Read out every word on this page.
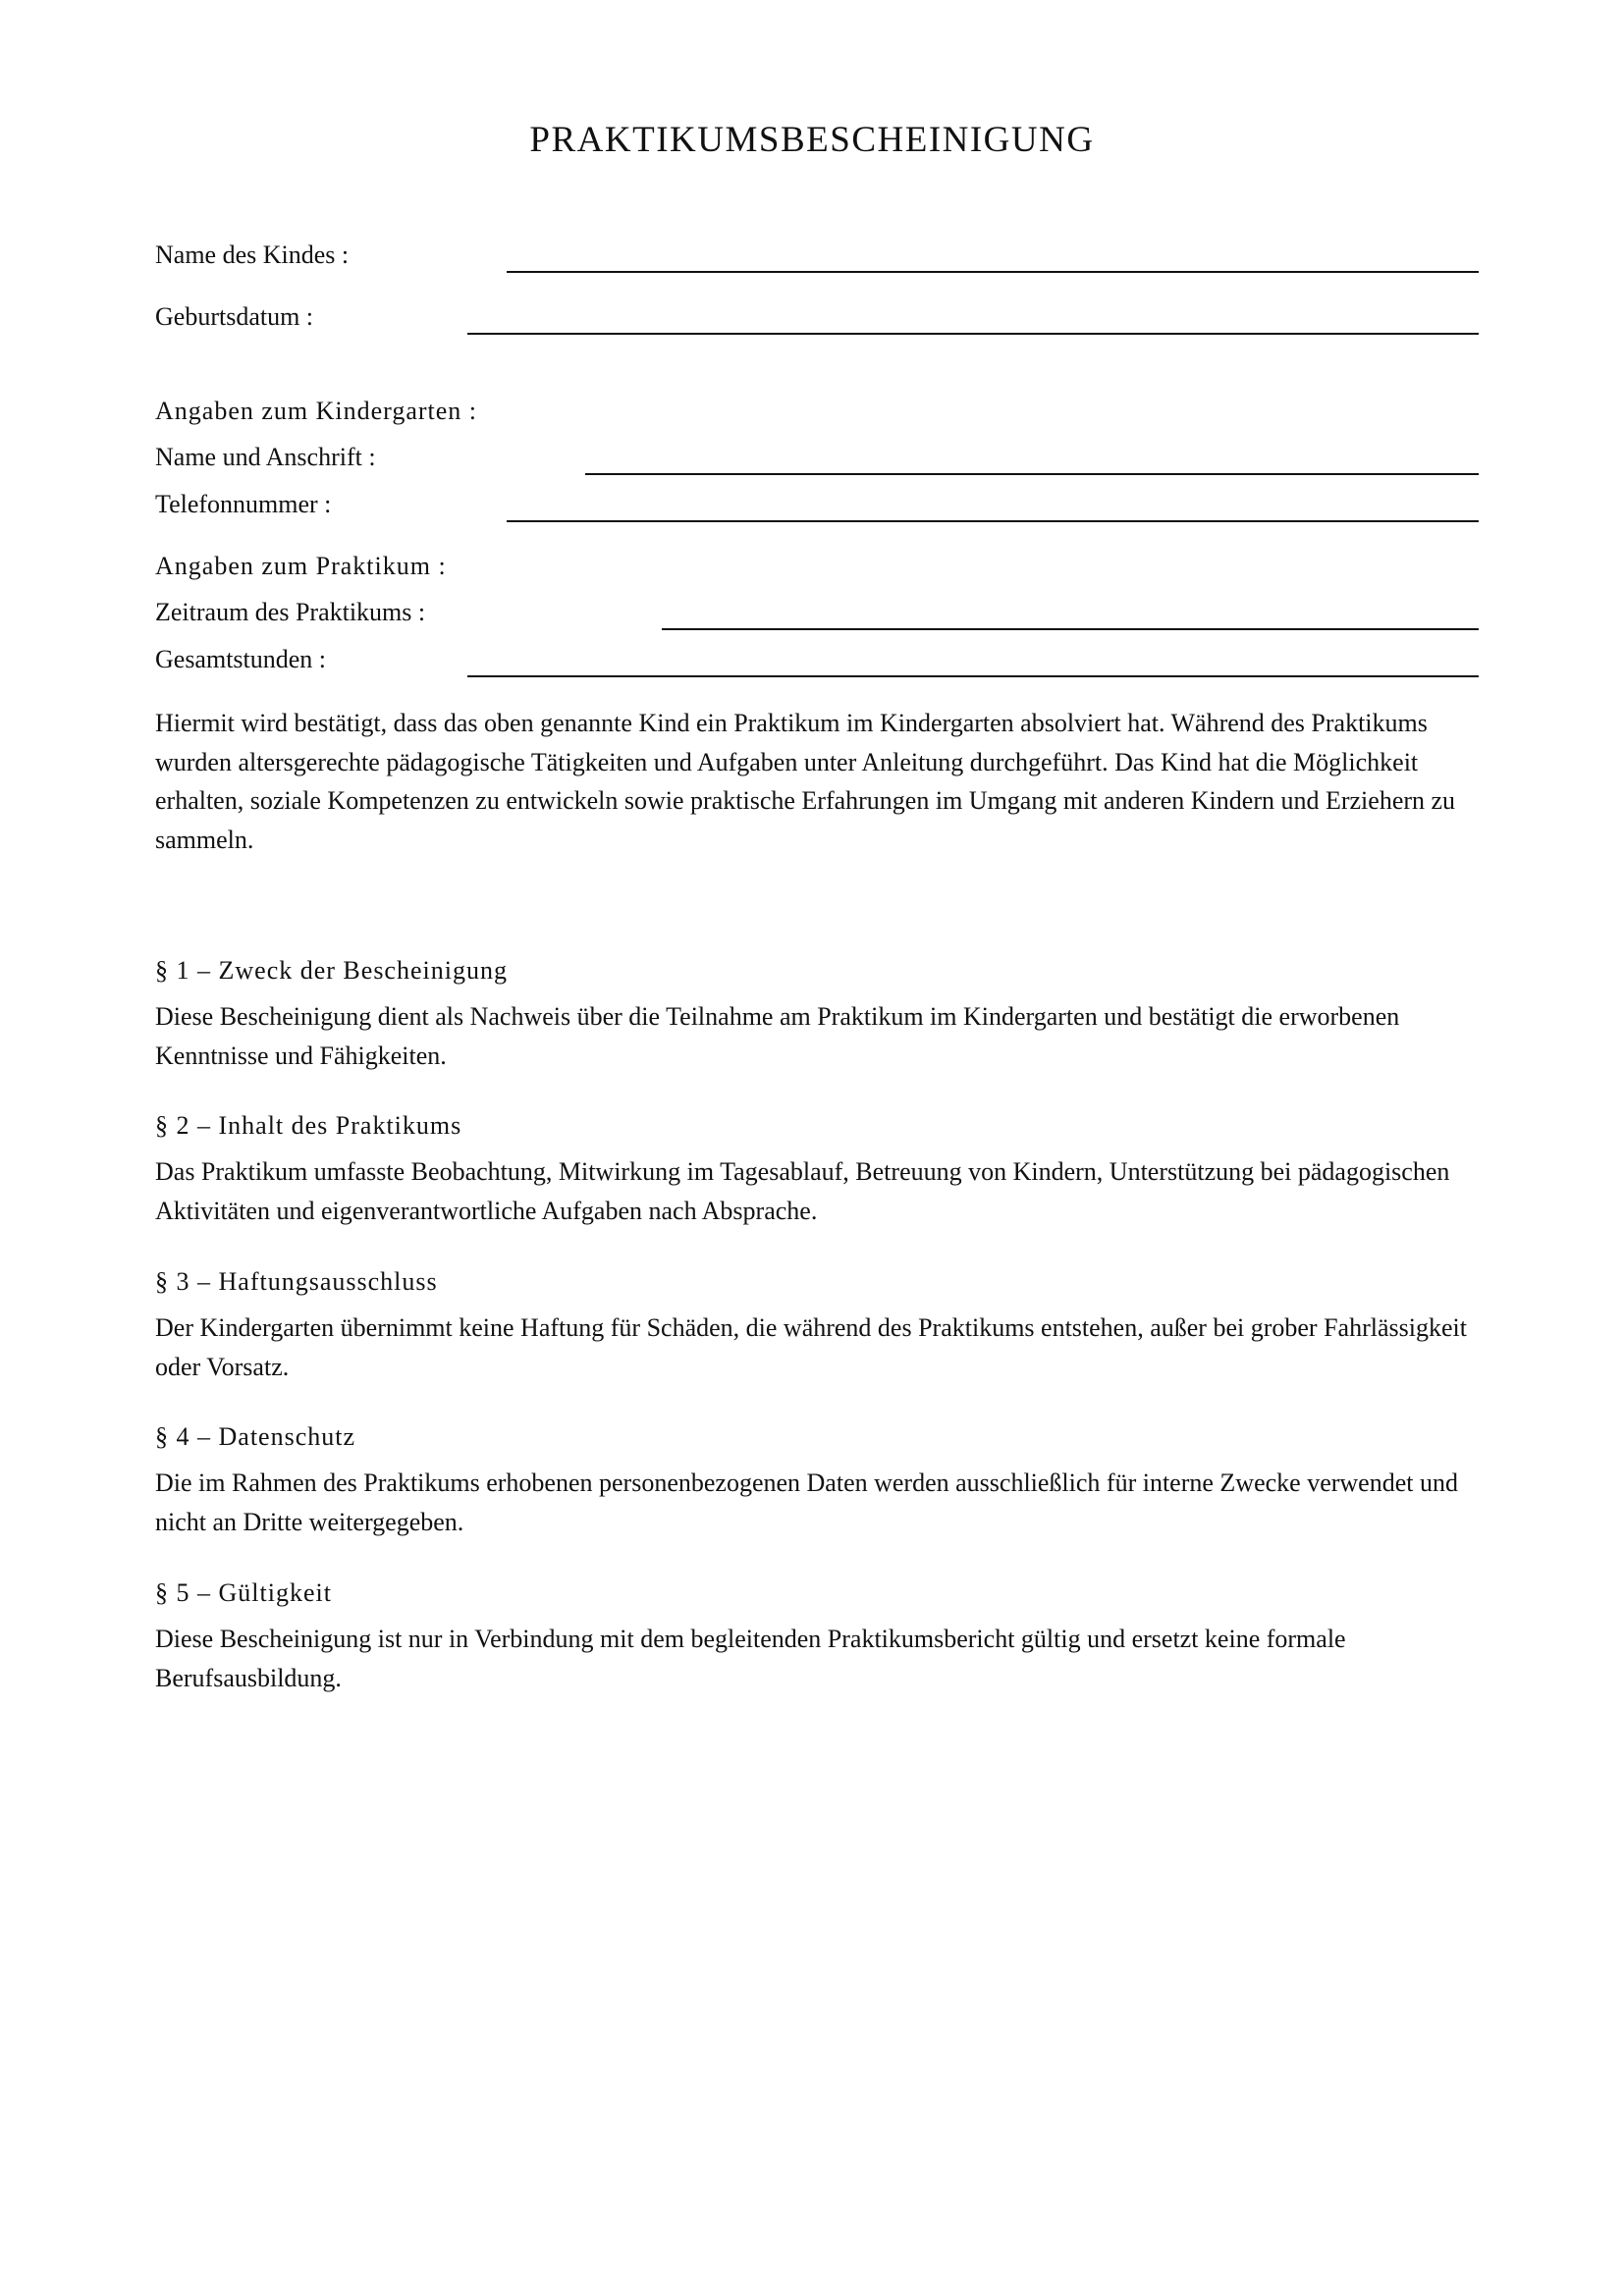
PRAKTIKUMSBESCHEINIGUNG
Name des Kindes :
Geburtsdatum :
Angaben zum Kindergarten :
Name und Anschrift :
Telefonnummer :
Angaben zum Praktikum :
Zeitraum des Praktikums :
Gesamtstunden :

Hiermit wird bestätigt, dass das oben genannte Kind ein Praktikum im Kindergarten absolviert hat. Während des Praktikums wurden altersgerechte pädagogische Tätigkeiten und Aufgaben unter Anleitung durchgeführt. Das Kind hat die Möglichkeit erhalten, soziale Kompetenzen zu entwickeln sowie praktische Erfahrungen im Umgang mit anderen Kindern und Erziehern zu sammeln.

§ 1 – Zweck der Bescheinigung

Diese Bescheinigung dient als Nachweis über die Teilnahme am Praktikum im Kindergarten und bestätigt die erworbenen Kenntnisse und Fähigkeiten.

§ 2 – Inhalt des Praktikums

Das Praktikum umfasste Beobachtung, Mitwirkung im Tagesablauf, Betreuung von Kindern, Unterstützung bei pädagogischen Aktivitäten und eigenverantwortliche Aufgaben nach Absprache.

§ 3 – Haftungsausschluss

Der Kindergarten übernimmt keine Haftung für Schäden, die während des Praktikums entstehen, außer bei grober Fahrlässigkeit oder Vorsatz.

§ 4 – Datenschutz

Die im Rahmen des Praktikums erhobenen personenbezogenen Daten werden ausschließlich für interne Zwecke verwendet und nicht an Dritte weitergegeben.

§ 5 – Gültigkeit

Diese Bescheinigung ist nur in Verbindung mit dem begleitenden Praktikumsbericht gültig und ersetzt keine formale Berufsausbildung.
